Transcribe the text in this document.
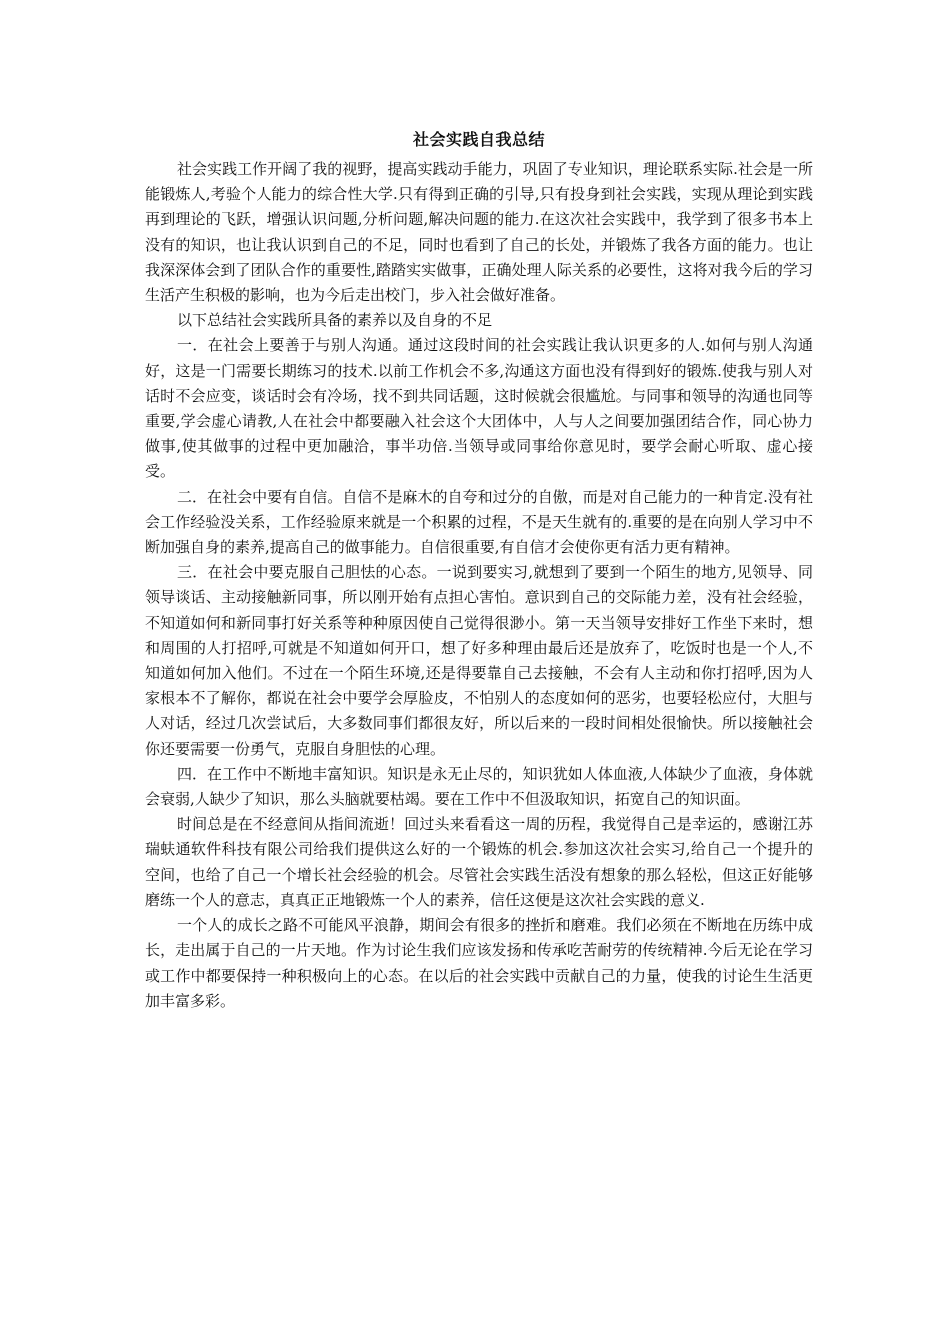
社会实践自我总结

社会实践工作开阔了我的视野，提高实践动手能力，巩固了专业知识，理论联系实际.社会是一所能锻炼人,考验个人能力的综合性大学.只有得到正确的引导,只有投身到社会实践，实现从理论到实践再到理论的飞跃，增强认识问题,分析问题,解决问题的能力.在这次社会实践中，我学到了很多书本上没有的知识，也让我认识到自己的不足，同时也看到了自己的长处，并锻炼了我各方面的能力。也让我深深体会到了团队合作的重要性,踏踏实实做事，正确处理人际关系的必要性，这将对我今后的学习生活产生积极的影响，也为今后走出校门，步入社会做好准备。

以下总结社会实践所具备的素养以及自身的不足

一．在社会上要善于与别人沟通。通过这段时间的社会实践让我认识更多的人.如何与别人沟通好，这是一门需要长期练习的技术.以前工作机会不多,沟通这方面也没有得到好的锻炼.使我与别人对话时不会应变，谈话时会有冷场，找不到共同话题，这时候就会很尴尬。与同事和领导的沟通也同等重要,学会虚心请教,人在社会中都要融入社会这个大团体中，人与人之间要加强团结合作，同心协力做事,使其做事的过程中更加融洽，事半功倍.当领导或同事给你意见时，要学会耐心听取、虚心接受。

二．在社会中要有自信。自信不是麻木的自夸和过分的自傲，而是对自己能力的一种肯定.没有社会工作经验没关系，工作经验原来就是一个积累的过程，不是天生就有的.重要的是在向别人学习中不断加强自身的素养,提高自己的做事能力。自信很重要,有自信才会使你更有活力更有精神。

三．在社会中要克服自己胆怯的心态。一说到要实习,就想到了要到一个陌生的地方,见领导、同领导谈话、主动接触新同事，所以刚开始有点担心害怕。意识到自己的交际能力差，没有社会经验，不知道如何和新同事打好关系等种种原因使自己觉得很渺小。第一天当领导安排好工作坐下来时，想和周围的人打招呼,可就是不知道如何开口，想了好多种理由最后还是放弃了，吃饭时也是一个人,不知道如何加入他们。不过在一个陌生环境,还是得要靠自己去接触，不会有人主动和你打招呼,因为人家根本不了解你，都说在社会中要学会厚脸皮，不怕别人的态度如何的恶劣，也要轻松应付，大胆与人对话，经过几次尝试后，大多数同事们都很友好，所以后来的一段时间相处很愉快。所以接触社会你还要需要一份勇气，克服自身胆怯的心理。

四．在工作中不断地丰富知识。知识是永无止尽的，知识犹如人体血液,人体缺少了血液，身体就会衰弱,人缺少了知识，那么头脑就要枯竭。要在工作中不但汲取知识，拓宽自己的知识面。

时间总是在不经意间从指间流逝！回过头来看看这一周的历程，我觉得自己是幸运的，感谢江苏瑞蚨通软件科技有限公司给我们提供这么好的一个锻炼的机会.参加这次社会实习,给自己一个提升的空间，也给了自己一个增长社会经验的机会。尽管社会实践生活没有想象的那么轻松，但这正好能够磨练一个人的意志，真真正正地锻炼一个人的素养，信任这便是这次社会实践的意义.

一个人的成长之路不可能风平浪静，期间会有很多的挫折和磨难。我们必须在不断地在历练中成长，走出属于自己的一片天地。作为讨论生我们应该发扬和传承吃苦耐劳的传统精神.今后无论在学习或工作中都要保持一种积极向上的心态。在以后的社会实践中贡献自己的力量，使我的讨论生生活更加丰富多彩。
